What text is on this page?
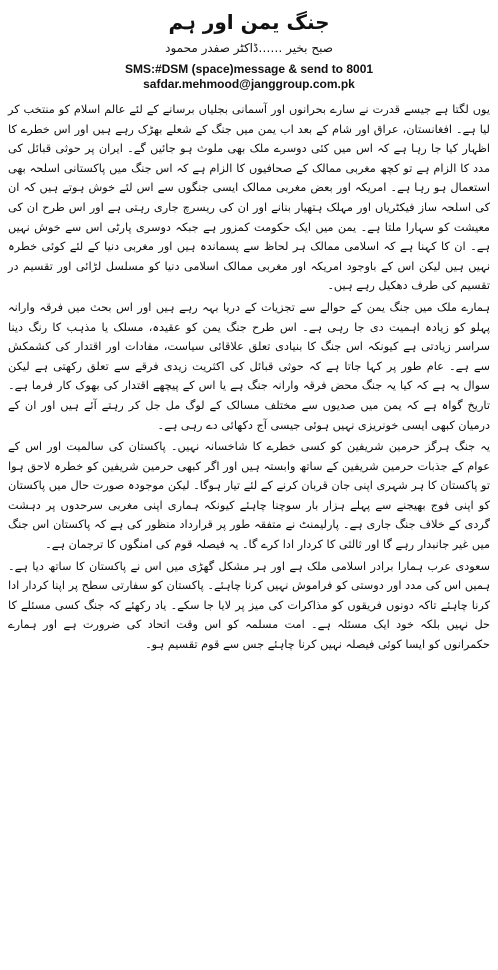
جنگ یمن اور ہم

صبح بخیر ……ڈاکٹر صفدر محمود

SMS:#DSM (space)message & send to 8001

safdar.mehmood@janggroup.com.pk

یوں لگتا ہے جیسے قدرت نے سارے بحرانوں اور آسمانی بجلیاں برسانے کے لئے عالم اسلام کو منتخب کر لیا ہے۔ افغانستان، عراق اور شام کے بعد اب یمن میں جنگ کے شعلے بھڑک رہے ہیں اور اس خطرے کا اظہار کیا جا رہا ہے کہ اس میں کئی دوسرے ملک بھی ملوث ہو جائیں گے۔ ایران پر حوثی قبائل کی مدد کا الزام ہے تو کچھ مغربی ممالک کے صحافیوں کا الزام ہے کہ اس جنگ میں پاکستانی اسلحہ بھی استعمال ہو رہا ہے۔ امریکہ اور بعض مغربی ممالک ایسی جنگوں سے اس لئے خوش ہوتے ہیں کہ ان کی اسلحہ ساز فیکٹریاں اور مہلک ہتھیار بنانے اور ان کی ریسرچ جاری رہتی ہے اور اس طرح ان کی معیشت کو سہارا ملتا ہے۔ یمن میں ایک حکومت کمزور ہے جبکہ دوسری پارٹی اس سے خوش نہیں ہے۔ ان کا کہنا ہے کہ اسلامی ممالک ہر لحاظ سے پسماندہ ہیں اور مغربی دنیا کے لئے کوئی خطرہ نہیں ہیں لیکن اس کے باوجود امریکہ اور مغربی ممالک اسلامی دنیا کو مسلسل لڑائی اور تقسیم در تقسیم کی طرف دھکیل رہے ہیں۔

ہمارے ملک میں جنگ یمن کے حوالے سے تجزیات کے دریا بہہ رہے ہیں اور اس بحث میں فرقہ وارانہ پہلو کو زیادہ اہمیت دی جا رہی ہے۔ اس طرح جنگ یمن کو عقیدہ، مسلک یا مذہب کا رنگ دینا سراسر زیادتی ہے کیونکہ اس جنگ کا بنیادی تعلق علاقائی سیاست، مفادات اور اقتدار کی کشمکش سے ہے۔ عام طور پر کہا جاتا ہے کہ حوثی قبائل کی اکثریت زیدی فرقے سے تعلق رکھتی ہے لیکن سوال یہ ہے کہ کیا یہ جنگ محض فرقہ وارانہ جنگ ہے یا اس کے پیچھے اقتدار کی بھوک کار فرما ہے۔ تاریخ گواہ ہے کہ یمن میں صدیوں سے مختلف مسالک کے لوگ مل جل کر رہتے آئے ہیں اور ان کے درمیان کبھی ایسی خونریزی نہیں ہوئی جیسی آج دکھائی دے رہی ہے۔

یہ جنگ ہرگز حرمین شریفین کو کسی خطرے کا شاخسانہ نہیں۔ پاکستان کی سالمیت اور اس کے عوام کے جذبات حرمین شریفین کے ساتھ وابستہ ہیں اور اگر کبھی حرمین شریفین کو خطرہ لاحق ہوا تو پاکستان کا ہر شہری اپنی جان قربان کرنے کے لئے تیار ہوگا۔ لیکن موجودہ صورت حال میں پاکستان کو اپنی فوج بھیجنے سے پہلے ہزار بار سوچنا چاہئے کیونکہ ہماری اپنی مغربی سرحدوں پر دہشت گردی کے خلاف جنگ جاری ہے۔ پارلیمنٹ نے متفقہ طور پر قرارداد منظور کی ہے کہ پاکستان اس جنگ میں غیر جانبدار رہے گا اور ثالثی کا کردار ادا کرے گا۔ یہ فیصلہ قوم کی امنگوں کا ترجمان ہے۔

سعودی عرب ہمارا برادر اسلامی ملک ہے اور ہر مشکل گھڑی میں اس نے پاکستان کا ساتھ دیا ہے۔ ہمیں اس کی مدد اور دوستی کو فراموش نہیں کرنا چاہئے۔ پاکستان کو سفارتی سطح پر اپنا کردار ادا کرنا چاہئے تاکہ دونوں فریقوں کو مذاکرات کی میز پر لایا جا سکے۔ یاد رکھئے کہ جنگ کسی مسئلے کا حل نہیں بلکہ خود ایک مسئلہ ہے۔ امت مسلمہ کو اس وقت اتحاد کی ضرورت ہے اور ہمارے حکمرانوں کو ایسا کوئی فیصلہ نہیں کرنا چاہئے جس سے قوم تقسیم ہو۔
